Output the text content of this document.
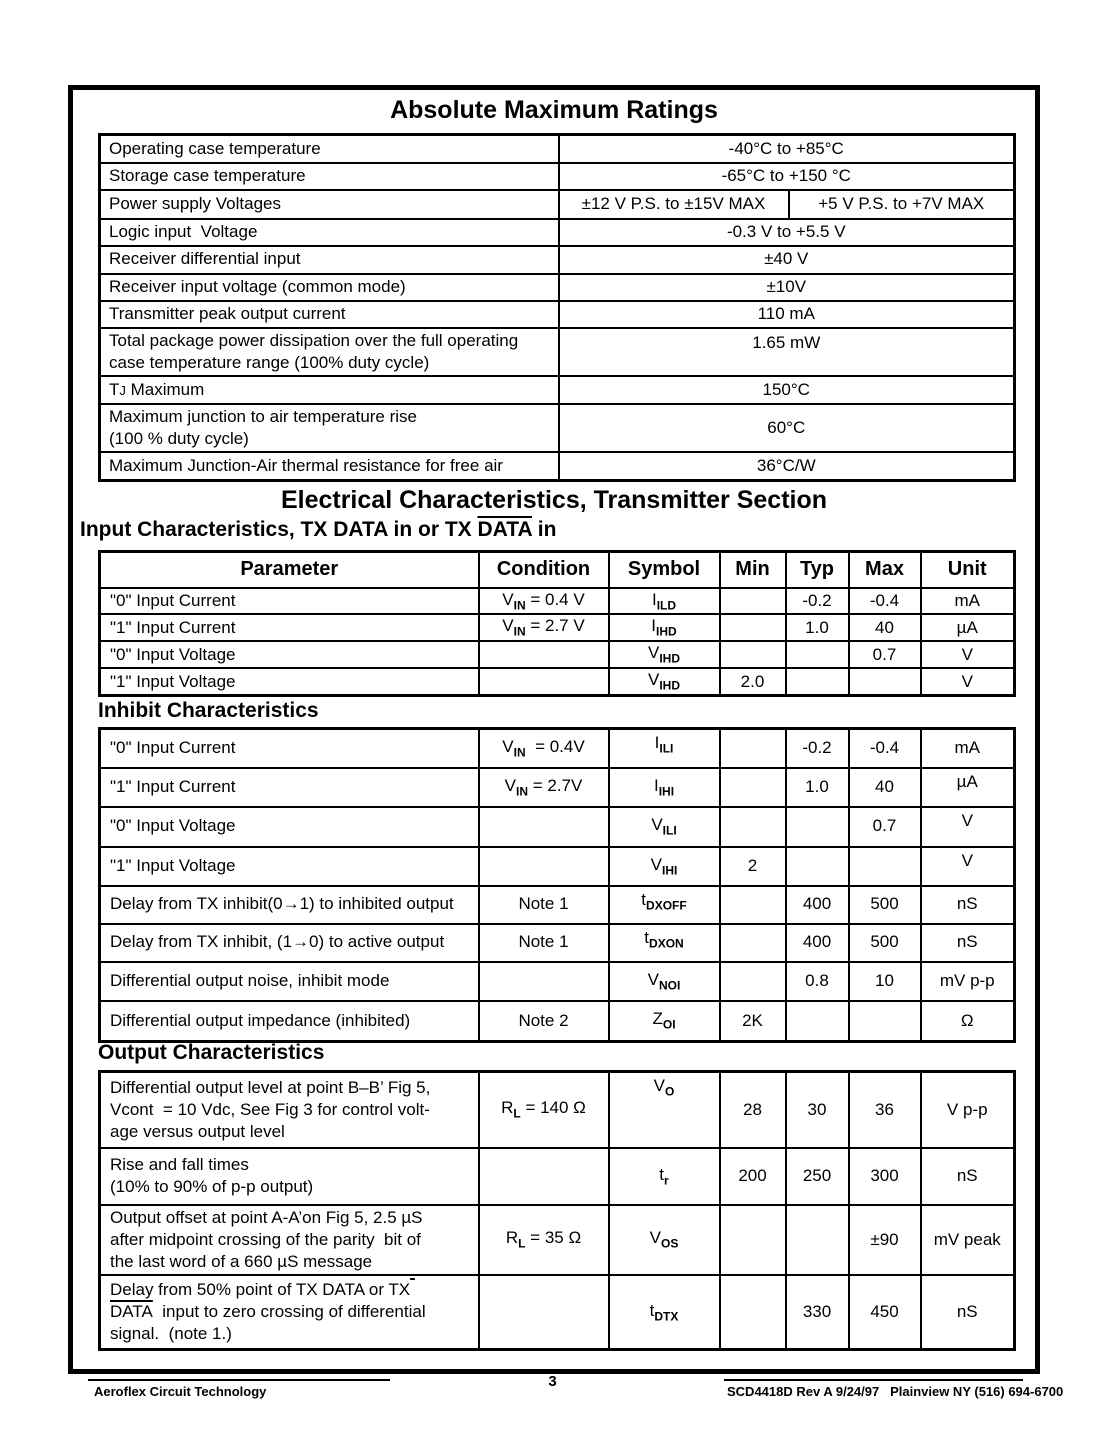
Absolute Maximum Ratings
Operating case temperature	-40°C to +85°C	
Storage case temperature	-65°C to +150 °C	
Power supply Voltages	±12 V P.S. to ±15V MAX	+5 V P.S. to +7V MAX
Logic input  Voltage	-0.3 V to +5.5 V	
Receiver differential input	±40 V	
Receiver input voltage (common mode)	±10V	
Transmitter peak output current	110 mA	
Total package power dissipation over the full operating
case temperature range (100% duty cycle)	1.65 mW	
TJ Maximum	150°C	
Maximum junction to air temperature rise
(100 % duty cycle)	60°C	
Maximum Junction-Air thermal resistance for free air	36°C/W	
Electrical Characteristics, Transmitter Section
Input Characteristics, TX DATA in or TX DATA in
Parameter	Condition	Symbol	Min	Typ	Max	Unit
"0" Input Current	$V_{IN} = 0.4$ V	$I_{ILD}$		-0.2	-0.4	mA
"1" Input Current	$V_{IN} = 2.7$ V	$I_{IHD}$		1.0	40	µA
"0" Input Voltage		$V_{IHD}$			0.7	V
"1" Input Voltage		$V_{IHD}$	2.0			V
Inhibit Characteristics
"0" Input Current	$V_{IN} = 0.4V$	$I_{ILI}$		-0.2	-0.4	mA
"1" Input Current	$V_{IN} = 2.7V$	$I_{IHI}$		1.0	40	µA
"0" Input Voltage		$V_{ILI}$			0.7	V
"1" Input Voltage		$V_{IHI}$	2			V
Delay from TX inhibit(0→1) to inhibited output	Note 1	$t_{DXOFF}$		400	500	nS
Delay from TX inhibit, (1→0) to active output	Note 1	$t_{DXON}$		400	500	nS
Differential output noise, inhibit mode		$V_{NOI}$		0.8	10	mV p-p
Differential output impedance (inhibited)	Note 2	$Z_{OI}$	2K			Ω
Output Characteristics
Differential output level at point B–B’ Fig 5,
Vcont  = 10 Vdc, See Fig 3 for control volt-
age versus output level	$R_L = 140$ Ω	$V_O$	28	30	36	V p-p
Rise and fall times
(10% to 90% of p-p output)		$t_r$	200	250	300	nS
Output offset at point A-A’on Fig 5, 2.5 µS
after midpoint crossing of the parity  bit of
the last word of a 660 µS message	$R_L = 35$ Ω	$V_{OS}$			±90	mV peak
Delay from 50% point of TX DATA or TX
DATA  input to zero crossing of differential
signal.  (note 1.)		$t_{DTX}$		330	450	nS
Aeroflex Circuit Technology
3
SCD4418D Rev A 9/24/97   Plainview NY (516) 694-6700
